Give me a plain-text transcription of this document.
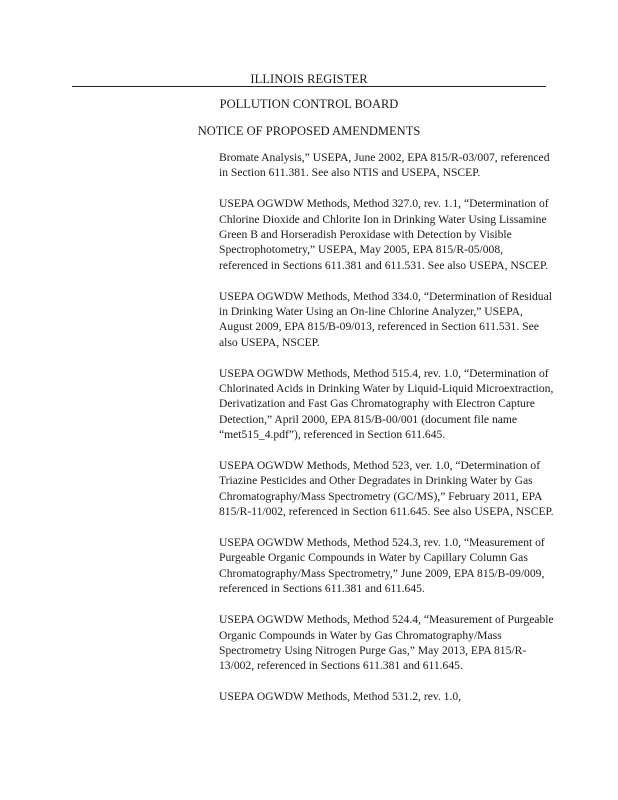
ILLINOIS REGISTER
POLLUTION CONTROL BOARD
NOTICE OF PROPOSED AMENDMENTS

Bromate Analysis,” USEPA, June 2002, EPA 815/R-03/007, referenced in Section 611.381. See also NTIS and USEPA, NSCEP.

USEPA OGWDW Methods, Method 327.0, rev. 1.1, “Determination of Chlorine Dioxide and Chlorite Ion in Drinking Water Using Lissamine Green B and Horseradish Peroxidase with Detection by Visible Spectrophotometry,” USEPA, May 2005, EPA 815/R-05/008, referenced in Sections 611.381 and 611.531. See also USEPA, NSCEP.

USEPA OGWDW Methods, Method 334.0, “Determination of Residual in Drinking Water Using an On-line Chlorine Analyzer,” USEPA, August 2009, EPA 815/B-09/013, referenced in Section 611.531. See also USEPA, NSCEP.

USEPA OGWDW Methods, Method 515.4, rev. 1.0, “Determination of Chlorinated Acids in Drinking Water by Liquid-Liquid Microextraction, Derivatization and Fast Gas Chromatography with Electron Capture Detection,” April 2000, EPA 815/B-00/001 (document file name “met515_4.pdf”), referenced in Section 611.645.

USEPA OGWDW Methods, Method 523, ver. 1.0, “Determination of Triazine Pesticides and Other Degradates in Drinking Water by Gas Chromatography/Mass Spectrometry (GC/MS),” February 2011, EPA 815/R-11/002, referenced in Section 611.645. See also USEPA, NSCEP.

USEPA OGWDW Methods, Method 524.3, rev. 1.0, “Measurement of Purgeable Organic Compounds in Water by Capillary Column Gas Chromatography/Mass Spectrometry,” June 2009, EPA 815/B-09/009, referenced in Sections 611.381 and 611.645.

USEPA OGWDW Methods, Method 524.4, “Measurement of Purgeable Organic Compounds in Water by Gas Chromatography/Mass Spectrometry Using Nitrogen Purge Gas,” May 2013, EPA 815/R-13/002, referenced in Sections 611.381 and 611.645.

USEPA OGWDW Methods, Method 531.2, rev. 1.0,
